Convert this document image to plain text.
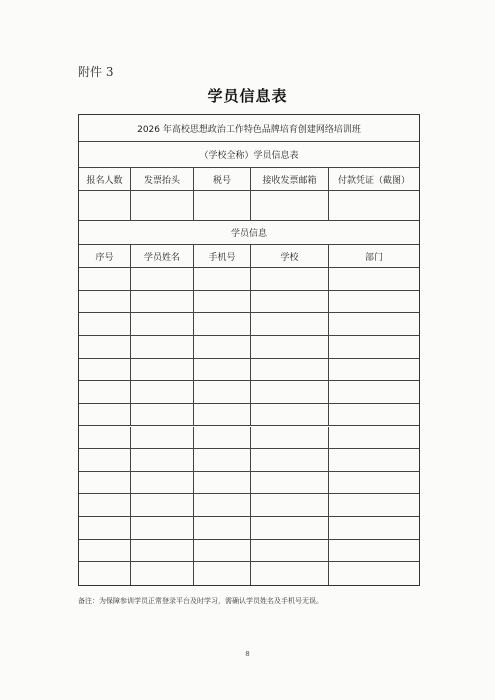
附件 3
学员信息表
2026 年高校思想政治工作特色品牌培育创建网络培训班
（学校全称）学员信息表
报名人数	发票抬头	税号	接收发票邮箱	付款凭证（截图）
学员信息
序号	学员姓名	手机号	学校	部门
备注：为保障参训学员正常登录平台及时学习，需确认学员姓名及手机号无误。
8
